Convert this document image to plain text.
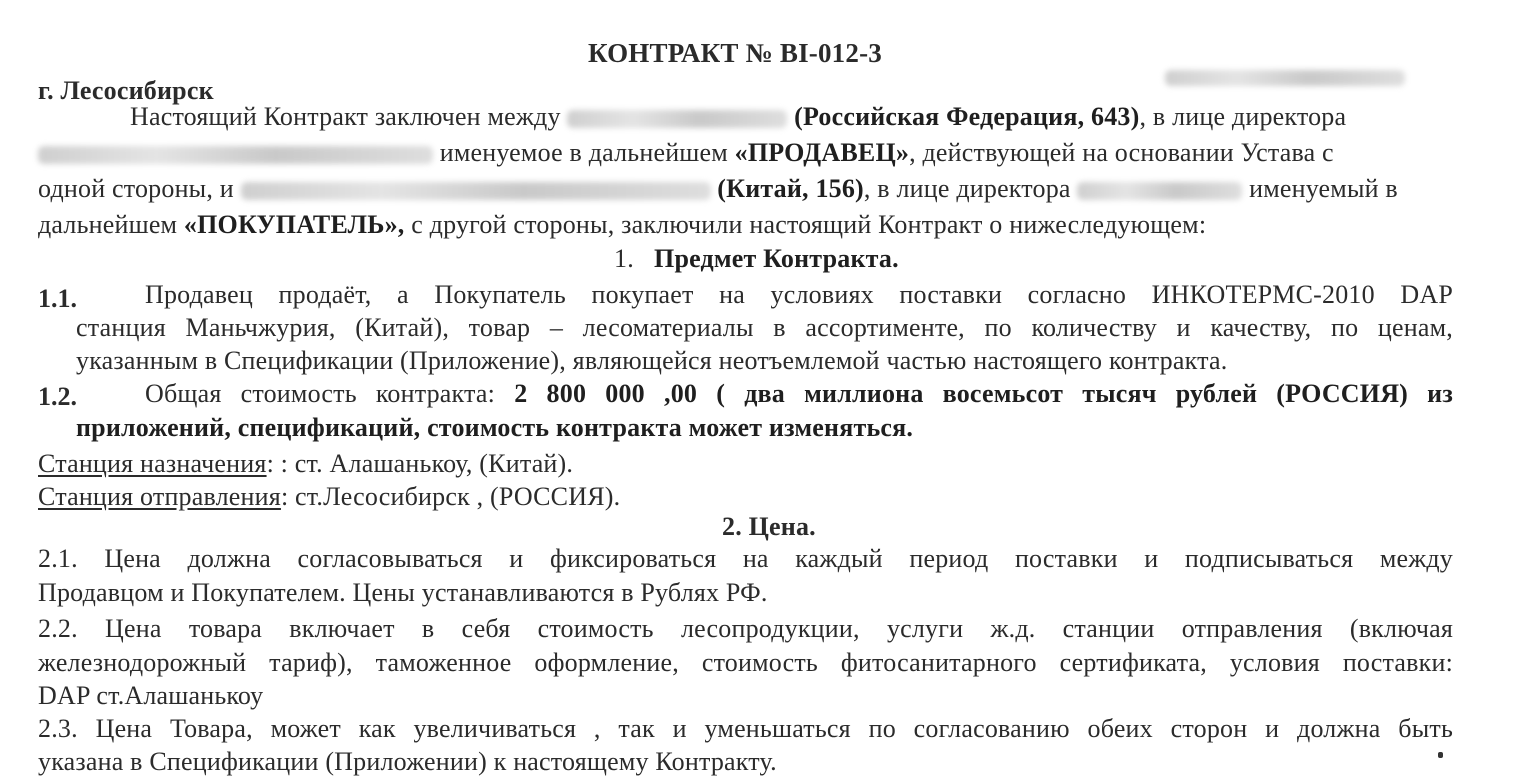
КОНТРАКТ № BI-012-3
г. Лесосибирск
Настоящий Контракт заключен между	(Российская Федерация, 643), в лице директора
именуемое в дальнейшем «ПРОДАВЕЦ», действующей на основании Устава с
одной стороны, и	(Китай, 156), в лице директора	именуемый в
дальнейшем «ПОКУПАТЕЛЬ», с другой стороны, заключили настоящий Контракт о нижеследующем:
1. Предмет Контракта.
1.1.	Продавец продаёт, а Покупатель покупает на условиях поставки согласно ИНКОТЕРМС-2010 DAP
станция Маньчжурия, (Китай), товар – лесоматериалы в ассортименте, по количеству и качеству, по ценам,
указанным в Спецификации (Приложение), являющейся неотъемлемой частью настоящего контракта.
1.2.	Общая стоимость контракта: 2 800 000 ,00 ( два миллиона восемьсот тысяч рублей (РОССИЯ) из
приложений, спецификаций, стоимость контракта может изменяться.
Станция назначения: : ст. Алашанькоу, (Китай).
Станция отправления: ст.Лесосибирск , (РОССИЯ).
2. Цена.
2.1. Цена должна согласовываться и фиксироваться на каждый период поставки и подписываться между
Продавцом и Покупателем. Цены устанавливаются в Рублях РФ.
2.2. Цена товара включает в себя стоимость лесопродукции, услуги ж.д. станции отправления (включая
железнодорожный тариф), таможенное оформление, стоимость фитосанитарного сертификата, условия поставки:
DAP ст.Алашанькоу
2.3. Цена Товара, может как увеличиваться , так и уменьшаться по согласованию обеих сторон и должна быть
указана в Спецификации (Приложении) к настоящему Контракту.
